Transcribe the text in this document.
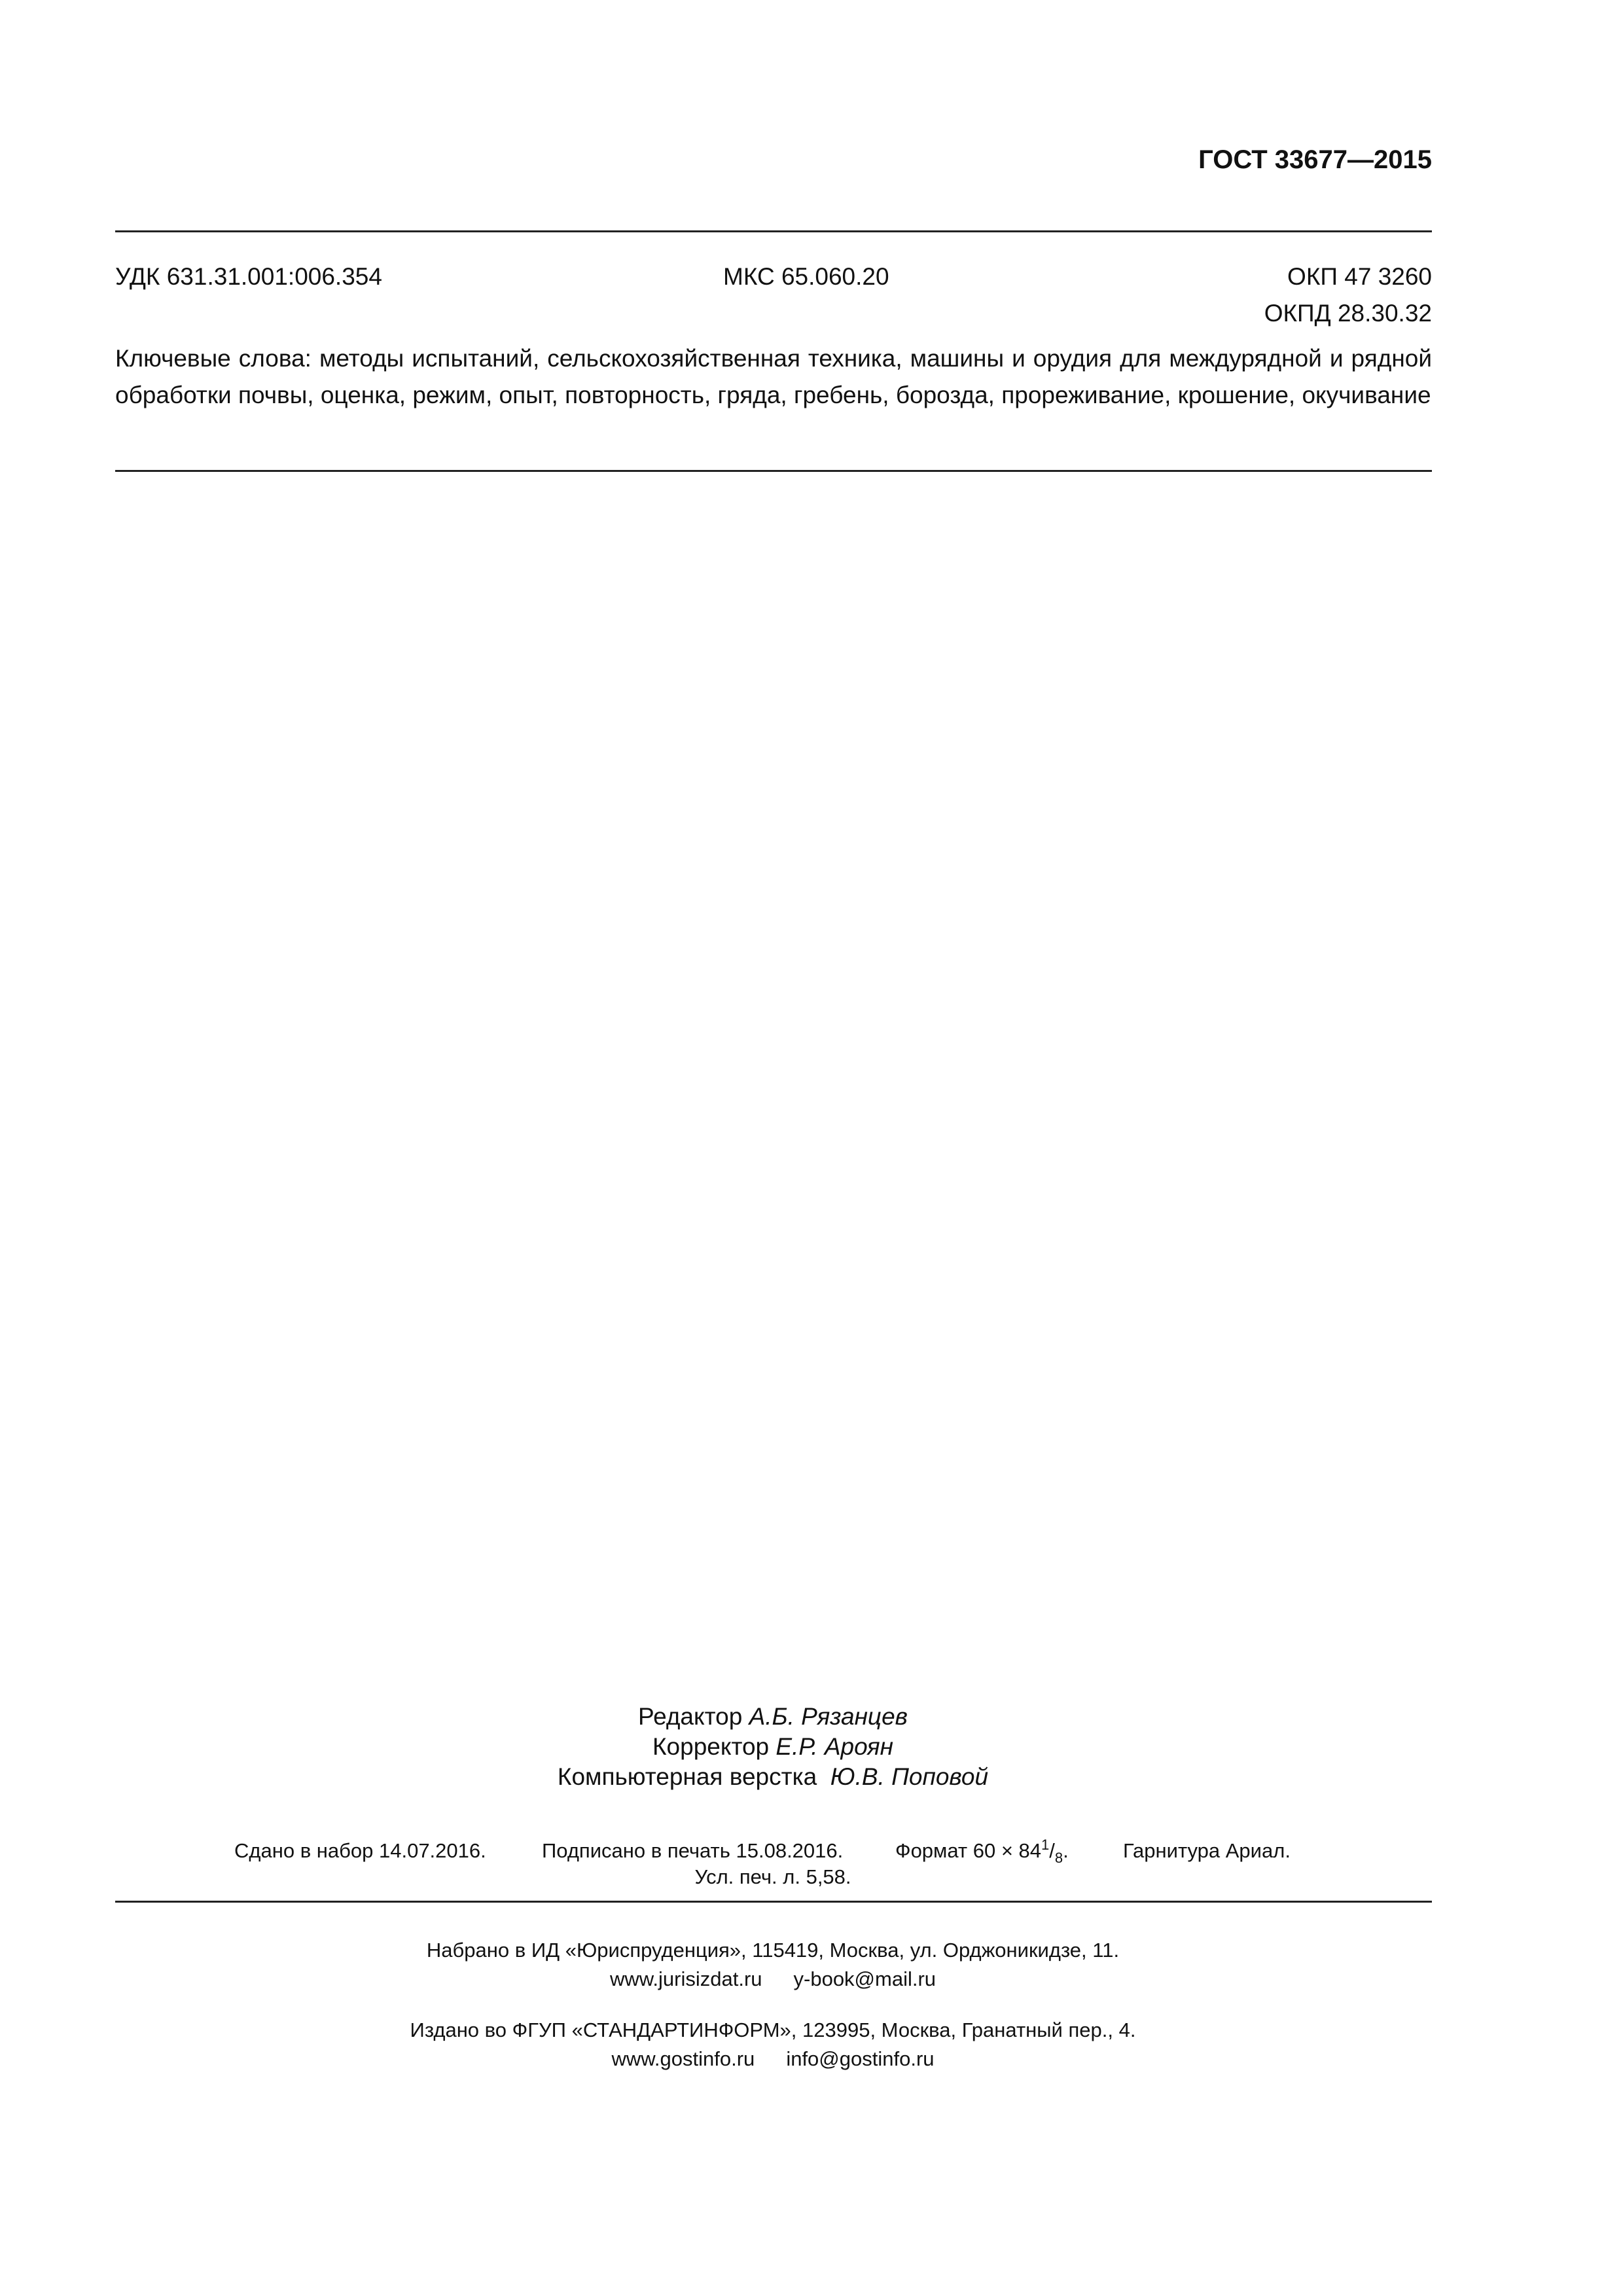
ГОСТ 33677—2015
УДК 631.31.001:006.354	МКС 65.060.20	ОКП 47 3260
ОКПД 28.30.32
Ключевые слова: методы испытаний, сельскохозяйственная техника, машины и орудия для междурядной и рядной обработки почвы, оценка, режим, опыт, повторность, гряда, гребень, борозда, прореживание, крошение, окучивание
Редактор А.Б. Рязанцев
Корректор Е.Р. Ароян
Компьютерная верстка Ю.В. Поповой
Сдано в набор 14.07.2016.	Подписано в печать 15.08.2016.	Формат $60 \times 84^1/_8$.	Гарнитура Ариал.
Усл. печ. л. 5,58.
Набрано в ИД «Юриспруденция», 115419, Москва, ул. Орджоникидзе, 11.
www.jurisizdat.ru y-book@mail.ru
Издано во ФГУП «СТАНДАРТИНФОРМ», 123995, Москва, Гранатный пер., 4.
www.gostinfo.ru info@gostinfo.ru
